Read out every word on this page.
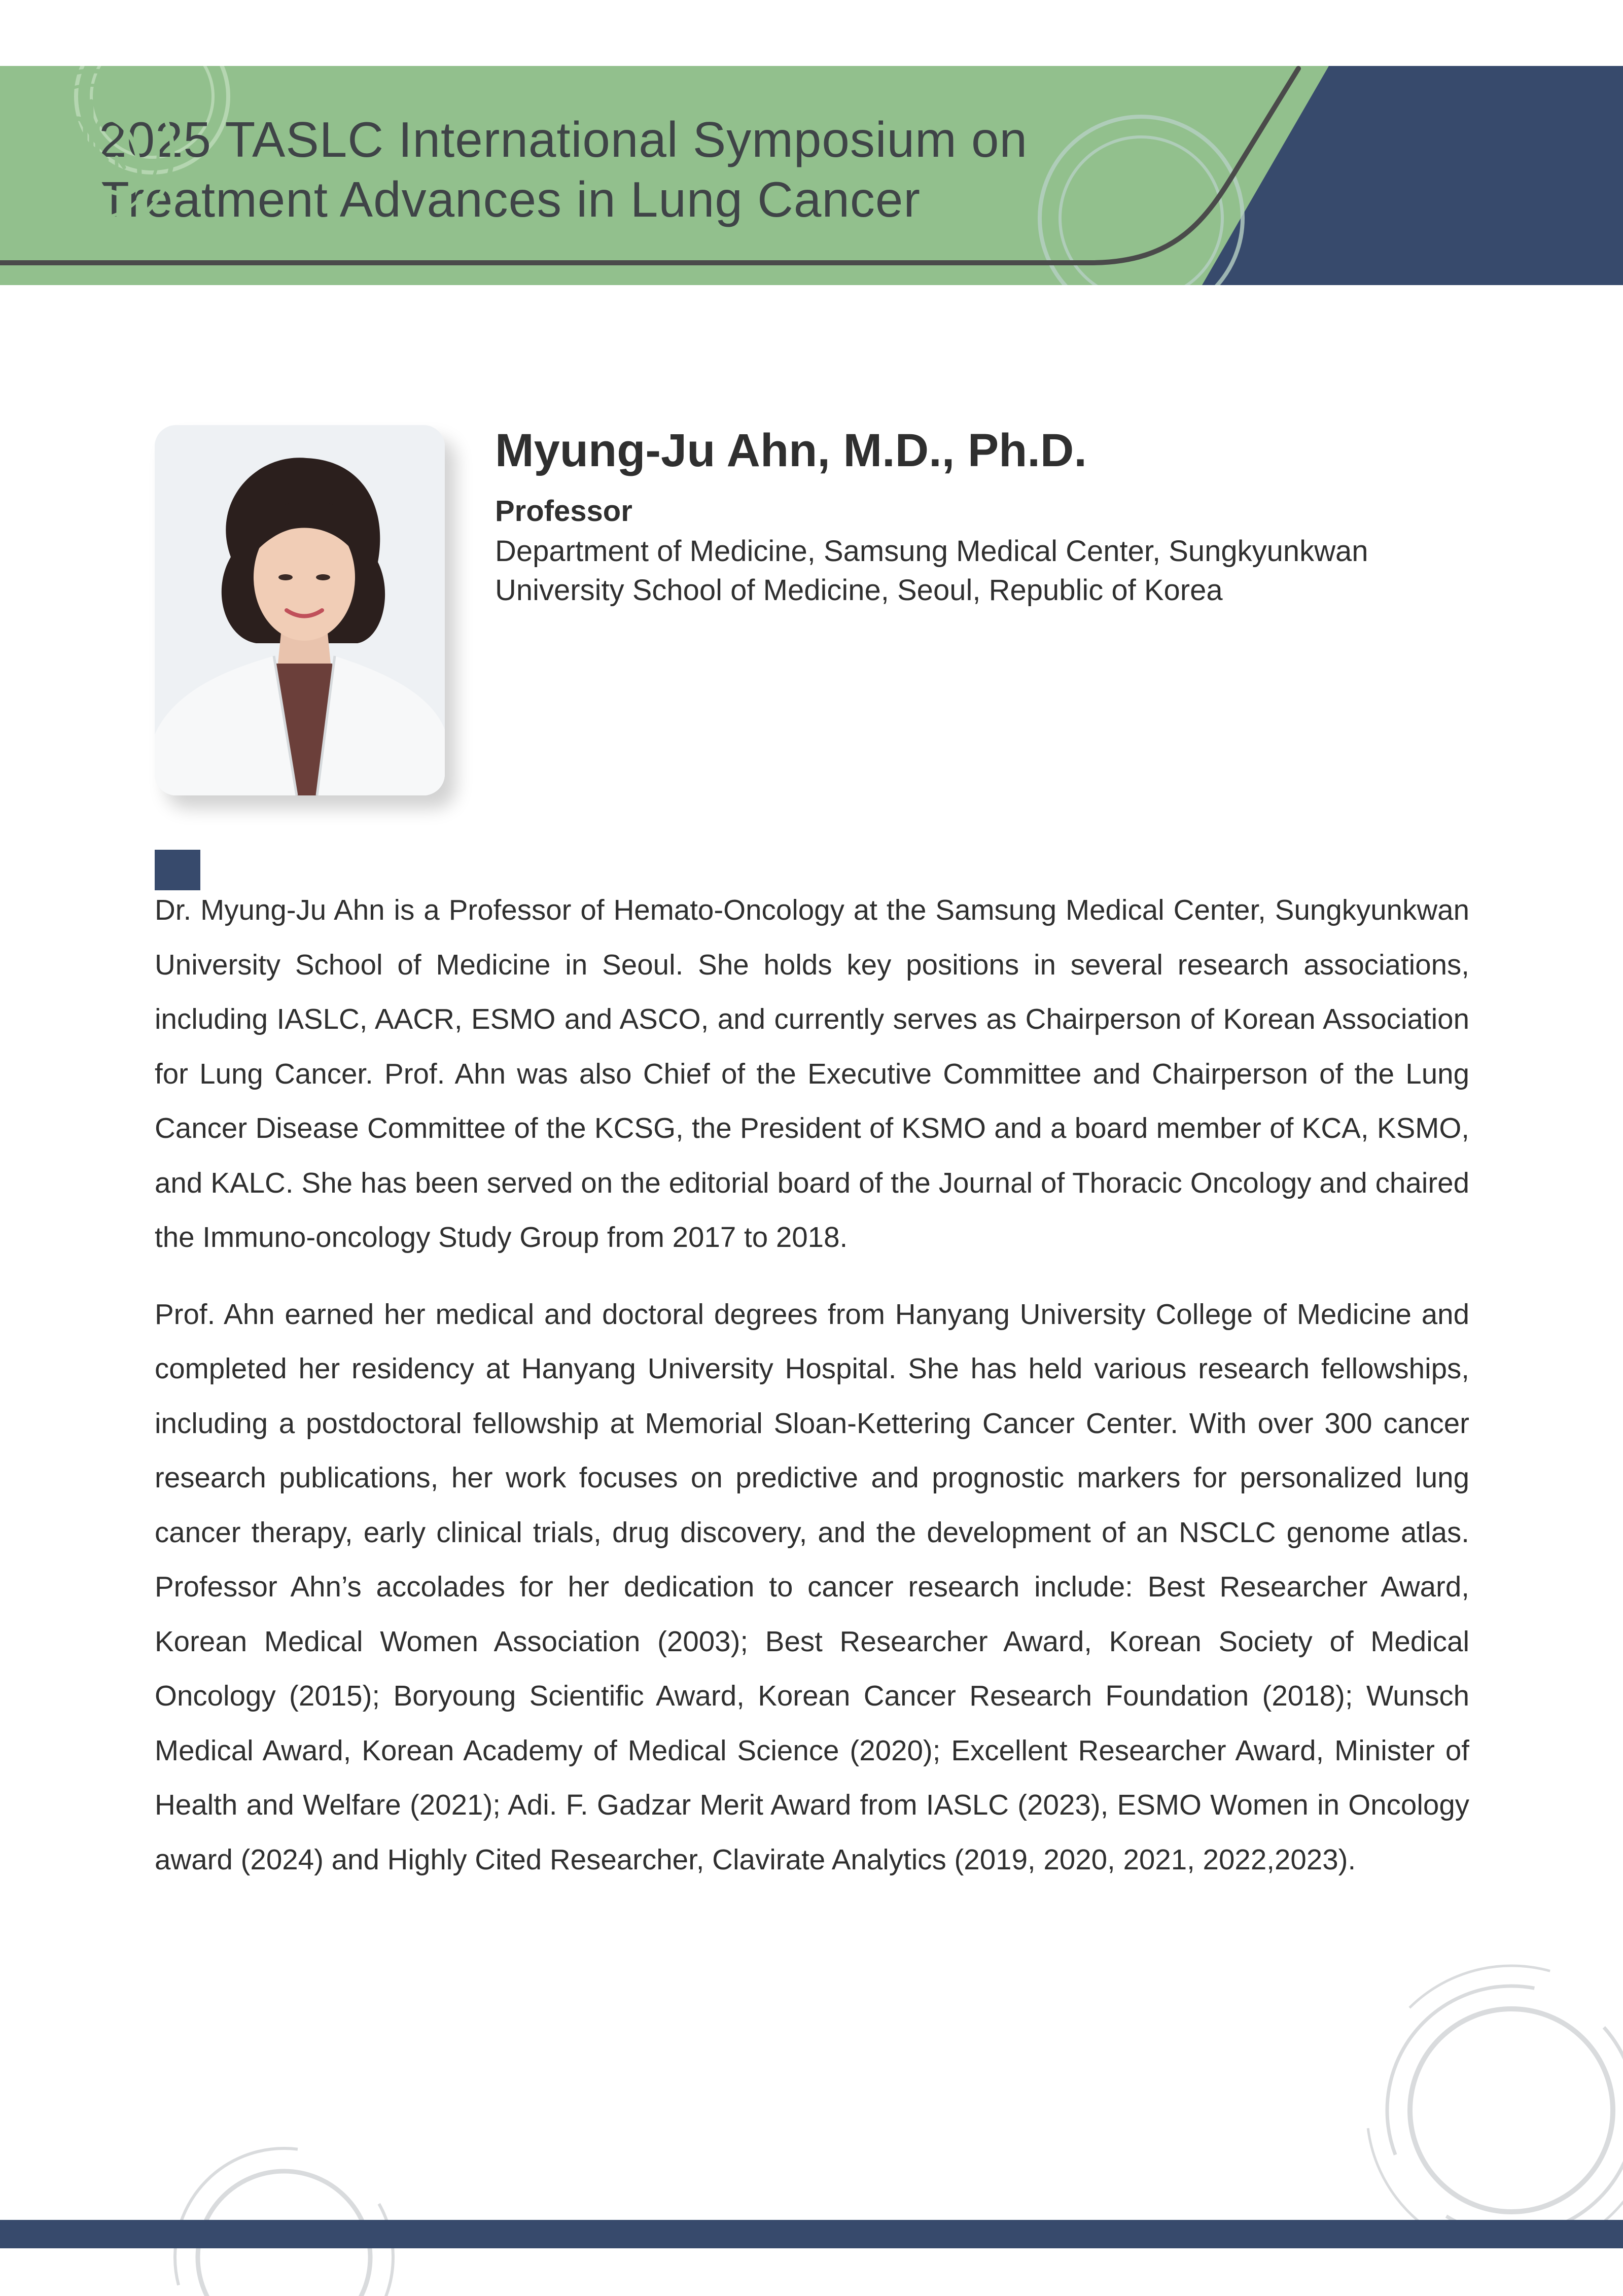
2025 TASLC International Symposium on
Treatment Advances in Lung Cancer
Myung-Ju Ahn, M.D., Ph.D.
Professor
Department of Medicine, Samsung Medical Center, Sungkyunkwan University School of Medicine, Seoul, Republic of Korea

Dr. Myung-Ju Ahn is a Professor of Hemato-Oncology at the Samsung Medical Center, Sungkyunkwan University School of Medicine in Seoul. She holds key positions in several research associations, including IASLC, AACR, ESMO and ASCO, and currently serves as Chairperson of Korean Association for Lung Cancer. Prof. Ahn was also Chief of the Executive Committee and Chairperson of the Lung Cancer Disease Committee of the KCSG, the President of KSMO and a board member of KCA, KSMO, and KALC. She has been served on the editorial board of the Journal of Thoracic Oncology and chaired the Immuno-oncology Study Group from 2017 to 2018.

Prof. Ahn earned her medical and doctoral degrees from Hanyang University College of Medicine and completed her residency at Hanyang University Hospital. She has held various research fellowships, including a postdoctoral fellowship at Memorial Sloan-Kettering Cancer Center. With over 300 cancer research publications, her work focuses on predictive and prognostic markers for personalized lung cancer therapy, early clinical trials, drug discovery, and the development of an NSCLC genome atlas. Professor Ahn’s accolades for her dedication to cancer research include: Best Researcher Award, Korean Medical Women Association (2003); Best Researcher Award, Korean Society of Medical Oncology (2015); Boryoung Scientific Award, Korean Cancer Research Foundation (2018); Wunsch Medical Award, Korean Academy of Medical Science (2020); Excellent Researcher Award, Minister of Health and Welfare (2021); Adi. F. Gadzar Merit Award from IASLC (2023), ESMO Women in Oncology award (2024) and Highly Cited Researcher, Clavirate Analytics (2019, 2020, 2021, 2022,2023).
